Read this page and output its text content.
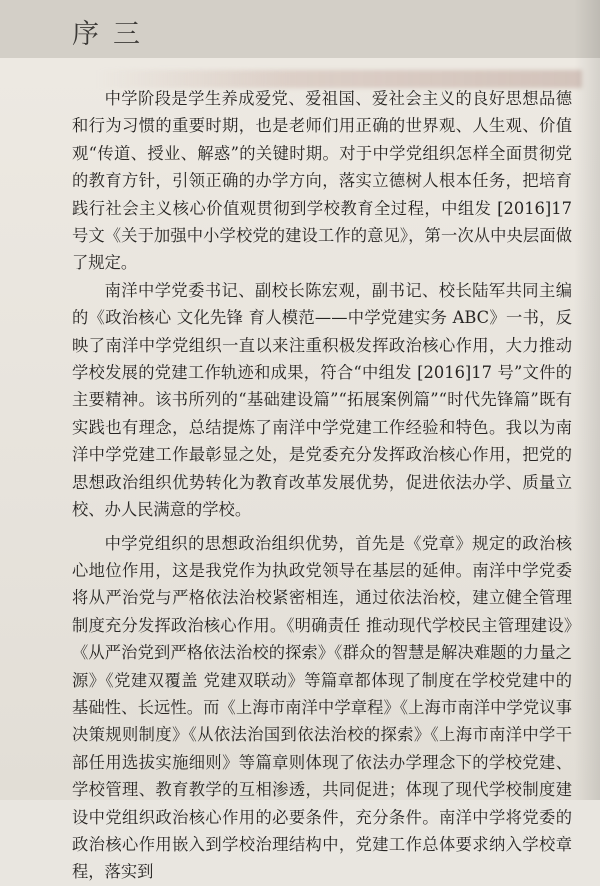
序三

中学阶段是学生养成爱党、爱祖国、爱社会主义的良好思想品德和行为习惯的重要时期，也是老师们用正确的世界观、人生观、价值观“传道、授业、解惑”的关键时期。对于中学党组织怎样全面贯彻党的教育方针，引领正确的办学方向，落实立德树人根本任务，把培育践行社会主义核心价值观贯彻到学校教育全过程，中组发 [2016]17 号文《关于加强中小学校党的建设工作的意见》，第一次从中央层面做了规定。

南洋中学党委书记、副校长陈宏观，副书记、校长陆军共同主编的《政治核心 文化先锋 育人模范——中学党建实务 ABC》一书，反映了南洋中学党组织一直以来注重积极发挥政治核心作用，大力推动学校发展的党建工作轨迹和成果，符合“中组发 [2016]17 号”文件的主要精神。该书所列的“基础建设篇”“拓展案例篇”“时代先锋篇”既有实践也有理念，总结提炼了南洋中学党建工作经验和特色。我以为南洋中学党建工作最彰显之处，是党委充分发挥政治核心作用，把党的思想政治组织优势转化为教育改革发展优势，促进依法办学、质量立校、办人民满意的学校。

中学党组织的思想政治组织优势，首先是《党章》规定的政治核心地位作用，这是我党作为执政党领导在基层的延伸。南洋中学党委将从严治党与严格依法治校紧密相连，通过依法治校，建立健全管理制度充分发挥政治核心作用。《明确责任 推动现代学校民主管理建设》《从严治党到严格依法治校的探索》《群众的智慧是解决难题的力量之源》《党建双覆盖 党建双联动》等篇章都体现了制度在学校党建中的基础性、长远性。而《上海市南洋中学章程》《上海市南洋中学党议事决策规则制度》《从依法治国到依法治校的探索》《上海市南洋中学干部任用选拔实施细则》等篇章则体现了依法办学理念下的学校党建、学校管理、教育教学的互相渗透，共同促进；体现了现代学校制度建设中党组织政治核心作用的必要条件，充分条件。南洋中学将党委的政治核心作用嵌入到学校治理结构中，党建工作总体要求纳入学校章程，落实到
